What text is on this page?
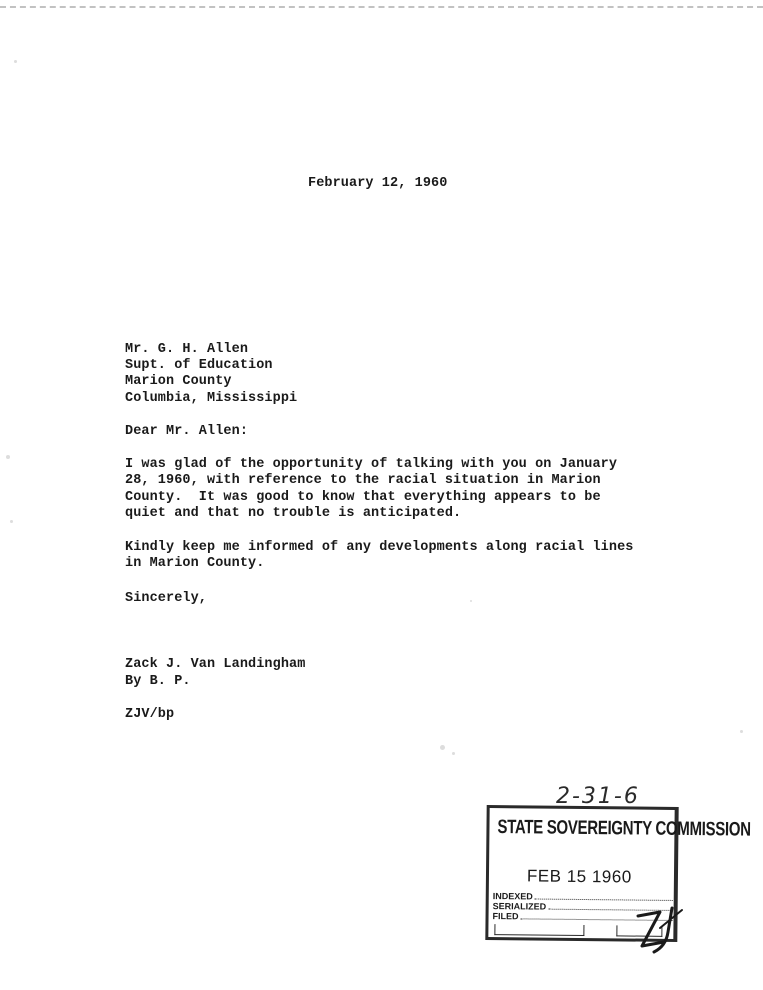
February 12, 1960
Mr. G. H. Allen
Supt. of Education
Marion County
Columbia, Mississippi
Dear Mr. Allen:
I was glad of the opportunity of talking with you on January
28, 1960, with reference to the racial situation in Marion
County.  It was good to know that everything appears to be
quiet and that no trouble is anticipated.
Kindly keep me informed of any developments along racial lines
in Marion County.
Sincerely,
Zack J. Van Landingham
By B. P.
ZJV/bp
2-31-6
STATE SOVEREIGNTY COMMISSION
FEB 15 1960
INDEXED
SERIALIZED
FILED
